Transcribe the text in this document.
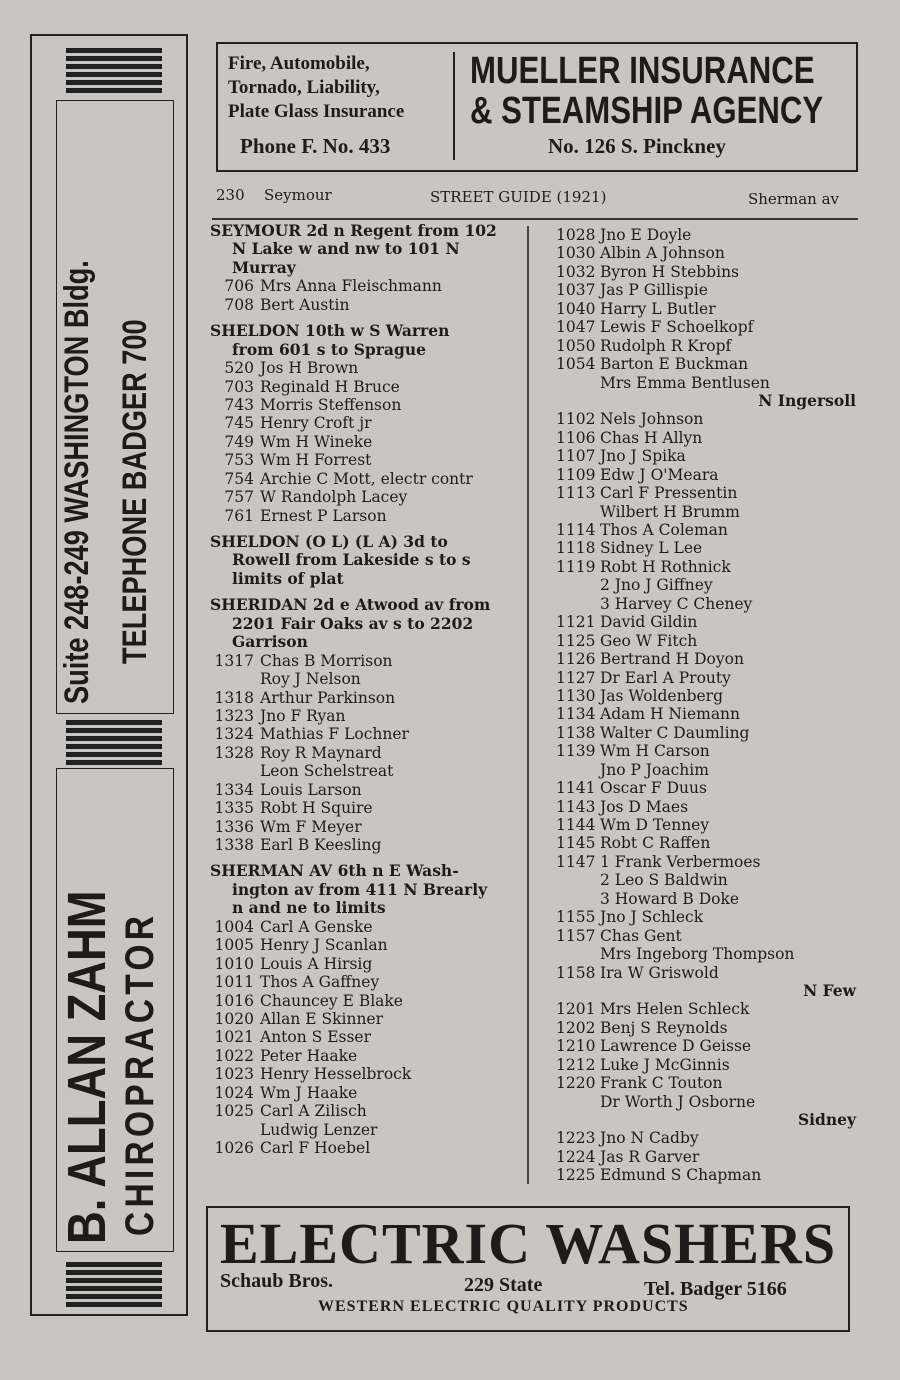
Suite 248-249 WASHINGTON Bldg. TELEPHONE BADGER 700
B. ALLAN ZAHM CHIROPRACTOR
Fire, Automobile,
Tornado, Liability,
Plate Glass Insurance
Phone F. No. 433
MUELLER INSURANCE
& STEAMSHIP AGENCY
No. 126 S. Pinckney
230 Seymour	STREET GUIDE (1921)	Sherman av
SEYMOUR 2d n Regent from 102
N Lake w and nw to 101 N
Murray
706 Mrs Anna Fleischmann
708 Bert Austin
SHELDON 10th w S Warren
from 601 s to Sprague
520 Jos H Brown
703 Reginald H Bruce
743 Morris Steffenson
745 Henry Croft jr
749 Wm H Wineke
753 Wm H Forrest
754 Archie C Mott, electr contr
757 W Randolph Lacey
761 Ernest P Larson
SHELDON (O L) (L A) 3d to
Rowell from Lakeside s to s
limits of plat
SHERIDAN 2d e Atwood av from
2201 Fair Oaks av s to 2202
Garrison
1317 Chas B Morrison
Roy J Nelson
1318 Arthur Parkinson
1323 Jno F Ryan
1324 Mathias F Lochner
1328 Roy R Maynard
Leon Schelstreat
1334 Louis Larson
1335 Robt H Squire
1336 Wm F Meyer
1338 Earl B Keesling
SHERMAN AV 6th n E Wash-
ington av from 411 N Brearly
n and ne to limits
1004 Carl A Genske
1005 Henry J Scanlan
1010 Louis A Hirsig
1011 Thos A Gaffney
1016 Chauncey E Blake
1020 Allan E Skinner
1021 Anton S Esser
1022 Peter Haake
1023 Henry Hesselbrock
1024 Wm J Haake
1025 Carl A Zilisch
Ludwig Lenzer
1026 Carl F Hoebel
1028 Jno E Doyle
1030 Albin A Johnson
1032 Byron H Stebbins
1037 Jas P Gillispie
1040 Harry L Butler
1047 Lewis F Schoelkopf
1050 Rudolph R Kropf
1054 Barton E Buckman
Mrs Emma Bentlusen
N Ingersoll
1102 Nels Johnson
1106 Chas H Allyn
1107 Jno J Spika
1109 Edw J O'Meara
1113 Carl F Pressentin
Wilbert H Brumm
1114 Thos A Coleman
1118 Sidney L Lee
1119 Robt H Rothnick
2 Jno J Giffney
3 Harvey C Cheney
1121 David Gildin
1125 Geo W Fitch
1126 Bertrand H Doyon
1127 Dr Earl A Prouty
1130 Jas Woldenberg
1134 Adam H Niemann
1138 Walter C Daumling
1139 Wm H Carson
Jno P Joachim
1141 Oscar F Duus
1143 Jos D Maes
1144 Wm D Tenney
1145 Robt C Raffen
1147 1 Frank Verbermoes
2 Leo S Baldwin
3 Howard B Doke
1155 Jno J Schleck
1157 Chas Gent
Mrs Ingeborg Thompson
1158 Ira W Griswold
N Few
1201 Mrs Helen Schleck
1202 Benj S Reynolds
1210 Lawrence D Geisse
1212 Luke J McGinnis
1220 Frank C Touton
Dr Worth J Osborne
Sidney
1223 Jno N Cadby
1224 Jas R Garver
1225 Edmund S Chapman
ELECTRIC WASHERS
Schaub Bros.	229 State	Tel. Badger 5166
WESTERN ELECTRIC QUALITY PRODUCTS
